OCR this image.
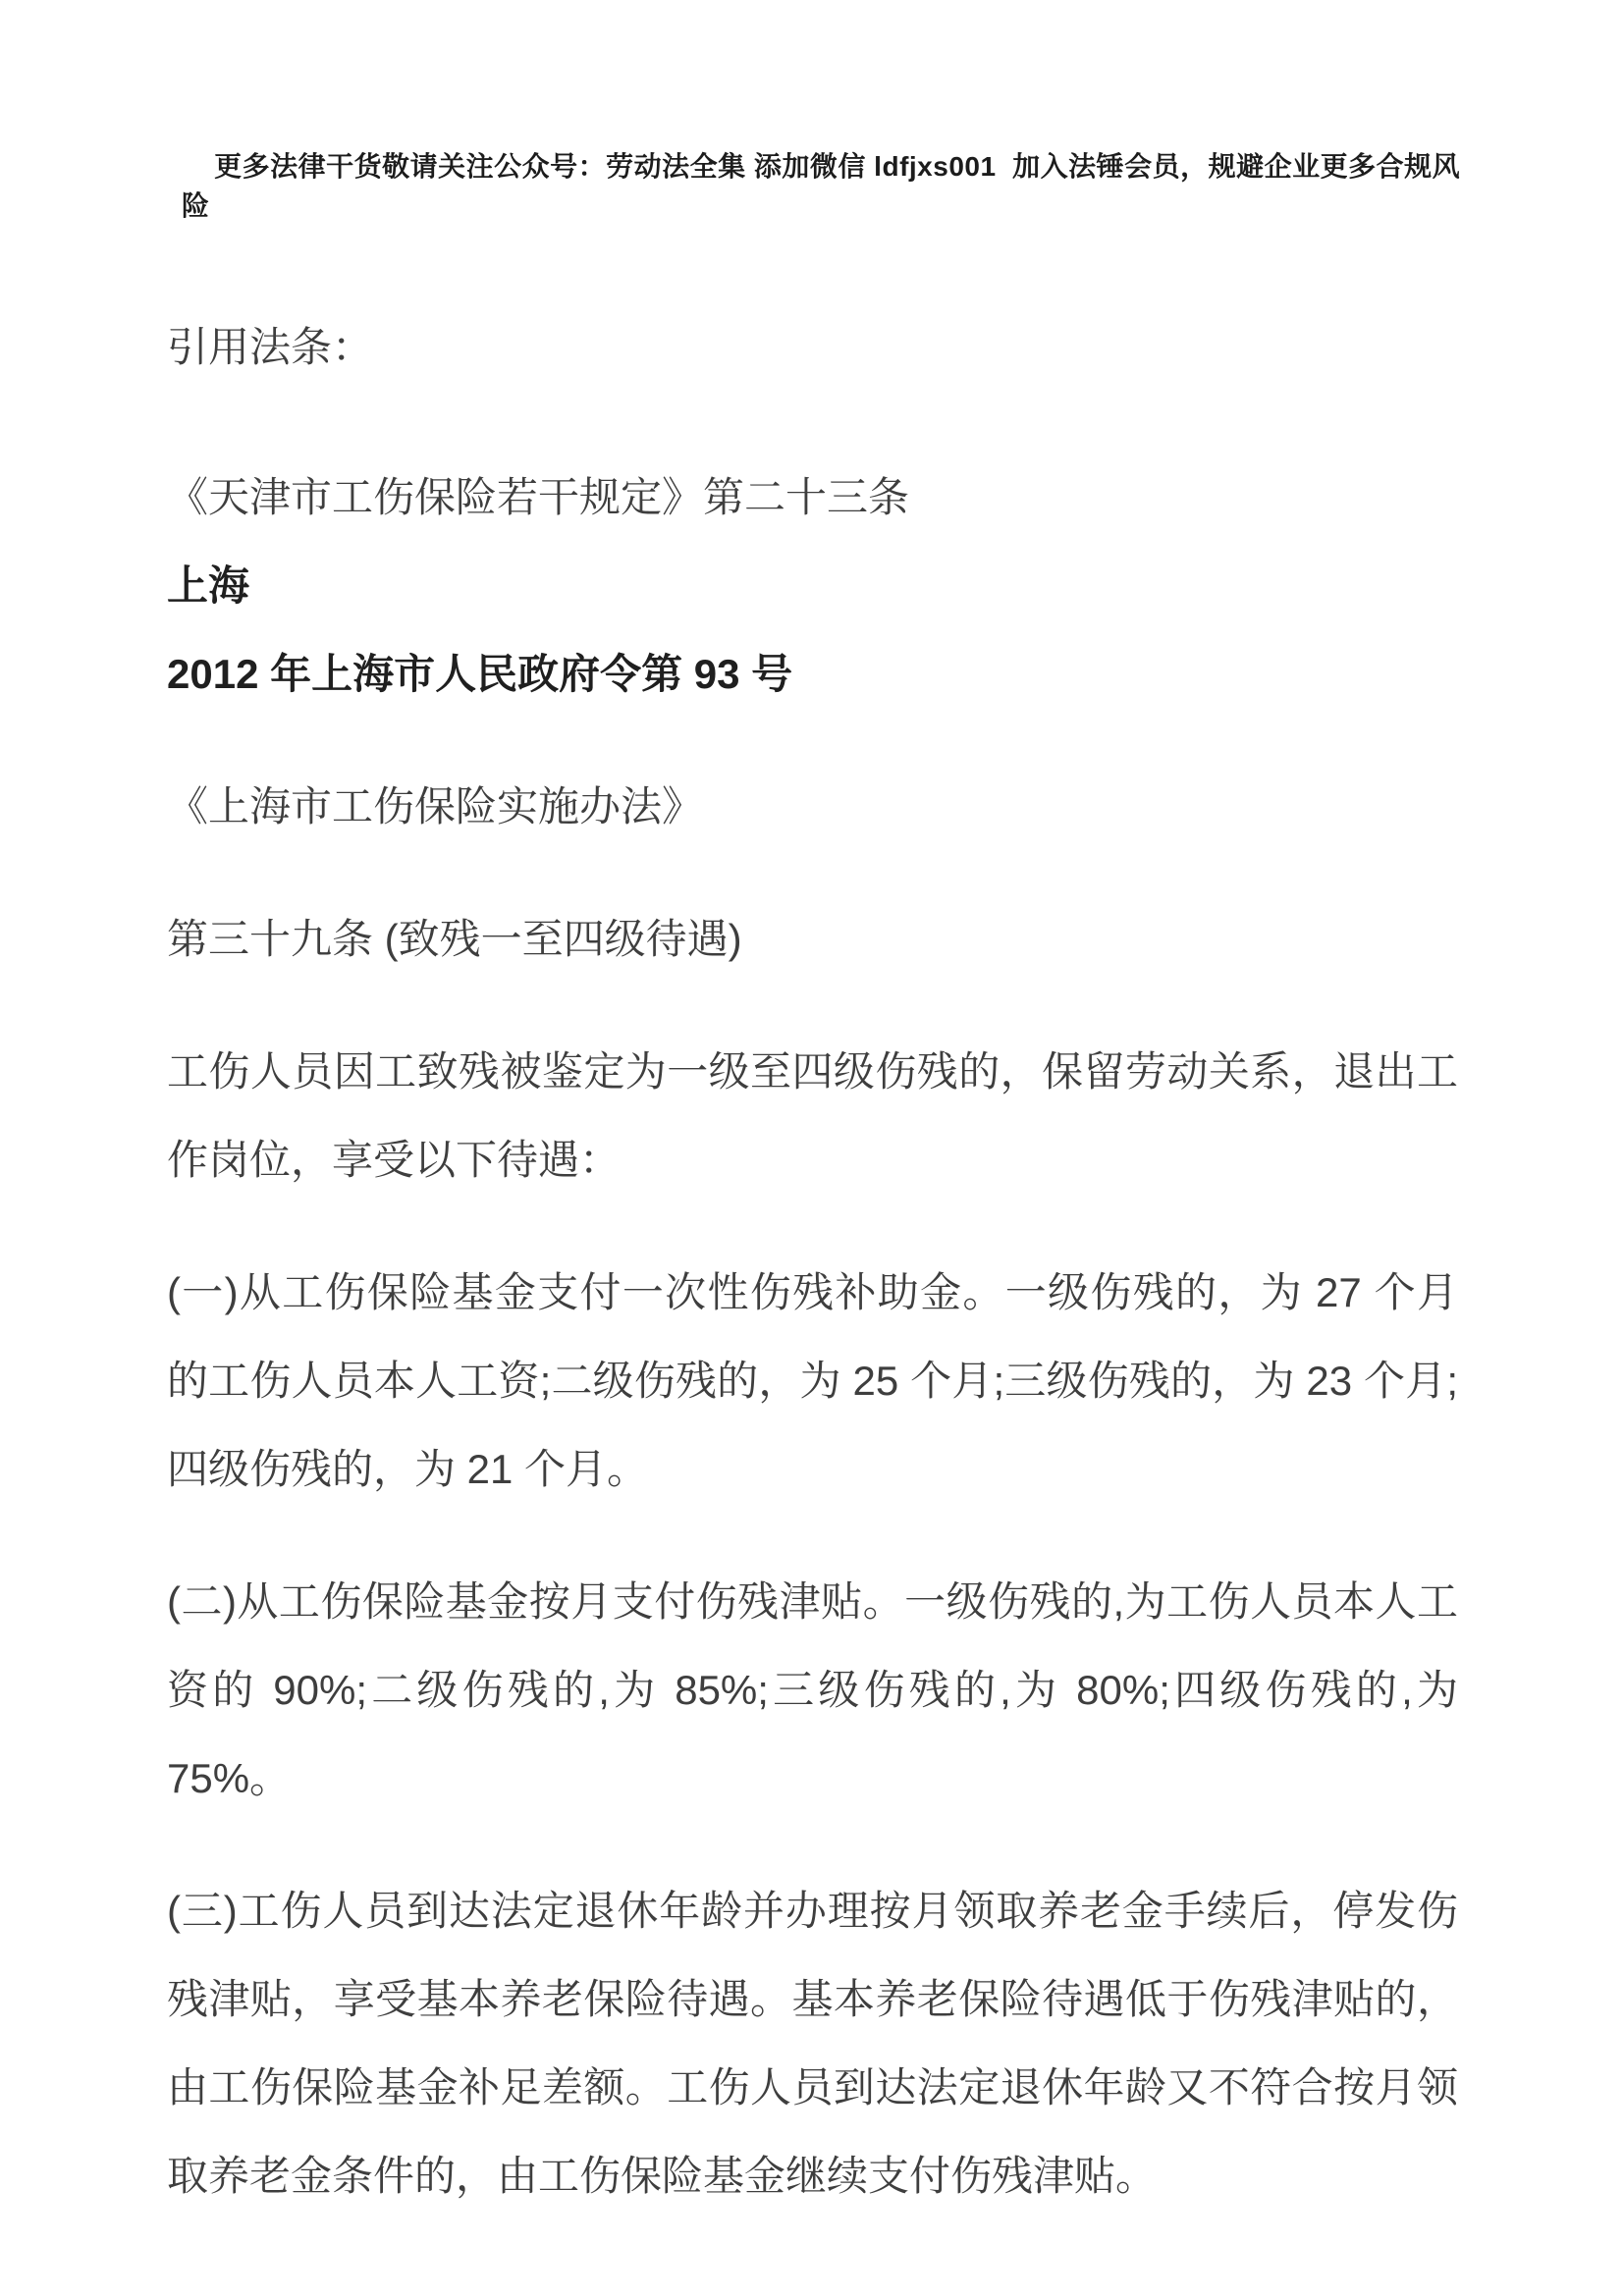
更多法律干货敬请关注公众号：劳动法全集 添加微信 ldfjxs001  加入法锤会员，规避企业更多合规风险

引用法条：

《天津市工伤保险若干规定》第二十三条

上海

2012 年上海市人民政府令第 93 号

《上海市工伤保险实施办法》

第三十九条 (致残一至四级待遇)

工伤人员因工致残被鉴定为一级至四级伤残的，保留劳动关系，退出工作岗位，享受以下待遇：

(一)从工伤保险基金支付一次性伤残补助金。一级伤残的，为 27 个月的工伤人员本人工资;二级伤残的，为 25 个月;三级伤残的，为 23 个月;四级伤残的，为 21 个月。

(二)从工伤保险基金按月支付伤残津贴。一级伤残的,为工伤人员本人工资的 90%;二级伤残的,为 85%;三级伤残的,为 80%;四级伤残的,为 75%。

(三)工伤人员到达法定退休年龄并办理按月领取养老金手续后，停发伤残津贴，享受基本养老保险待遇。基本养老保险待遇低于伤残津贴的，由工伤保险基金补足差额。工伤人员到达法定退休年龄又不符合按月领取养老金条件的，由工伤保险基金继续支付伤残津贴。
